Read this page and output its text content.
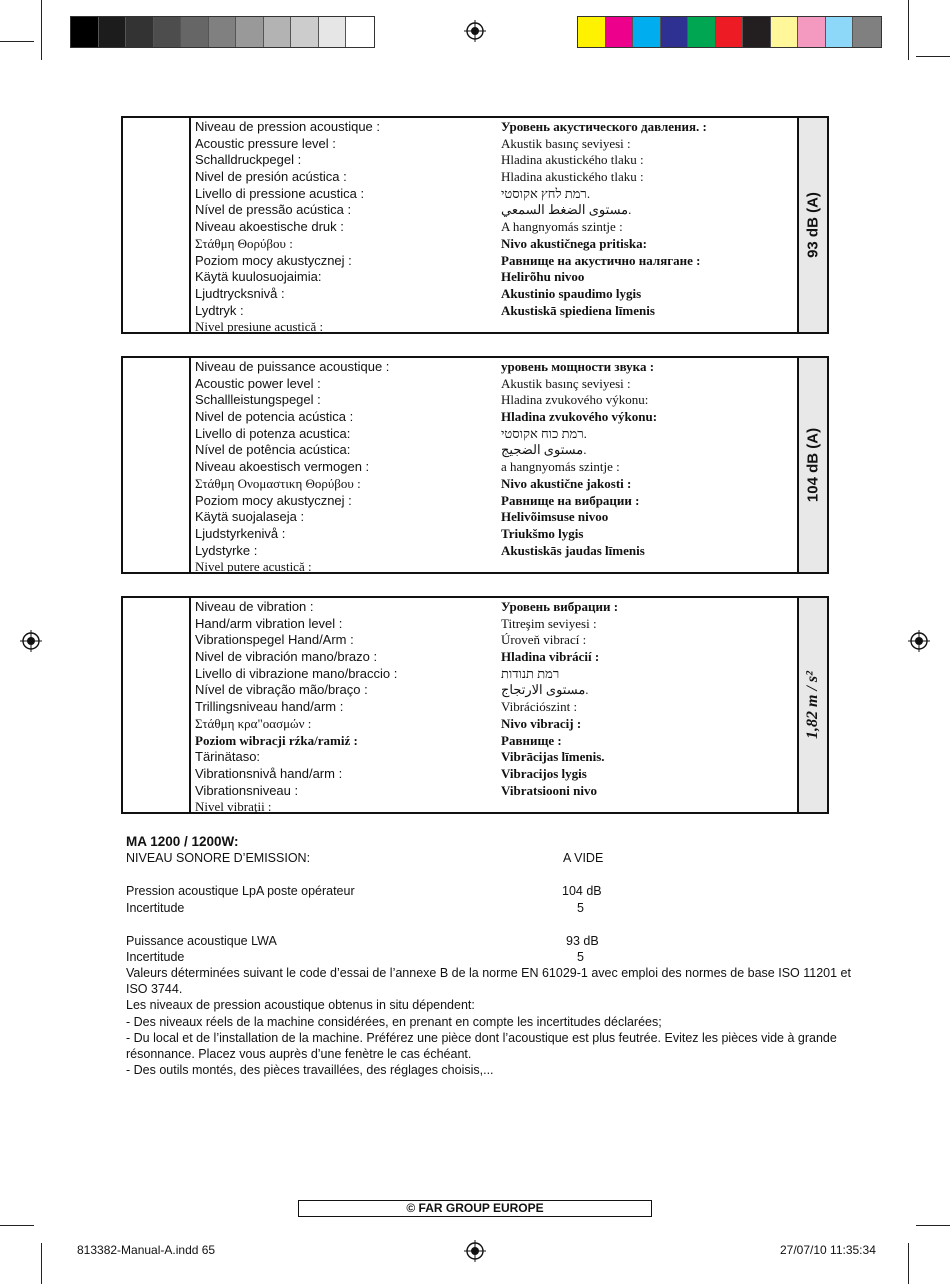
Niveau de pression acoustique :	Уровень акустического давления. :
Acoustic pressure level :	Akustik basınç seviyesi :
Schalldruckpegel :	Hladina akustického tlaku :
Nivel de presión acústica :	Hladina akustického tlaku :
Livello di pressione acustica :	רמת לחץ אקוסטי.
Nível de pressão acústica :	مستوى الضغط السمعي.
Niveau akoestische druk :	A hangnyomás szintje :
Στάθμη Θορύβου :	Nivo akustičnega pritiska:
Poziom mocy akustycznej :	Равнище на акустично налягане :
Käytä kuulosuojaimia:	Helirõhu nivoo
Ljudtrycksnivå :	Akustinio spaudimo lygis
Lydtryk :	Akustiskā spiediena līmenis
Nivel presiune acustică :
93 dB (A)
Niveau de puissance acoustique :	уровень мощности звука :
Acoustic power level :	Akustik basınç seviyesi :
Schallleistungspegel :	Hladina zvukového výkonu:
Nivel de potencia acústica :	Hladina zvukového výkonu:
Livello di potenza acustica:	רמת כוח אקוסטי.
Nível de potência acústica:	مستوى الضجيج.
Niveau akoestisch vermogen :	a hangnyomás szintje :
Στάθμη Ονομαστικη Θορύβου :	Nivo akustične jakosti :
Poziom mocy akustycznej :	Равнище на вибрации :
Käytä suojalaseja :	Helivõimsuse nivoo
Ljudstyrkenivå :	Triukšmo lygis
Lydstyrke :	Akustiskās jaudas līmenis
Nivel putere acustică :
104 dB (A)
Niveau de vibration :	Уровень вибрации :
Hand/arm vibration level :	Titreşim seviyesi :
Vibrationspegel Hand/Arm :	Úroveň vibrací :
Nivel de vibración mano/brazo :	Hladina vibrácií :
Livello di vibrazione mano/braccio :	רמת תנודות
Nível de vibração mão/braço :	مستوى الارتجاج.
Trillingsniveau hand/arm :	Vibrációszint :
Στάθμη κρα"οασμών :	Nivo vibracij :
Poziom wibracji rźka/ramiź :	Равнище :
Tärinätaso:	Vibrācijas līmenis.
Vibrationsnivå hand/arm :	Vibracijos lygis
Vibrationsniveau :	Vibratsiooni nivo
Nivel vibraţii :
1,82 m / s²
MA 1200 / 1200W:
NIVEAU SONORE D’EMISSION:	A VIDE
Pression acoustique LpA poste opérateur	104 dB
Incertitude	5
Puissance acoustique LWA	93 dB
Incertitude	5
Valeurs déterminées suivant le code d’essai de l’annexe B de la norme EN 61029-1 avec emploi des normes de base ISO 11201 et
ISO 3744.
Les niveaux de pression acoustique obtenus in situ dépendent:
- Des niveaux réels de la machine considérées, en prenant en compte les incertitudes déclarées;
- Du local et de l’installation de la machine. Préférez une pièce dont l’acoustique est plus feutrée. Evitez les pièces vide à grande
résonnance. Placez vous auprès d’une fenètre le cas échéant.
- Des outils montés, des pièces travaillées, des réglages choisis,...
© FAR GROUP EUROPE
813382-Manual-A.indd 65	27/07/10 11:35:34
